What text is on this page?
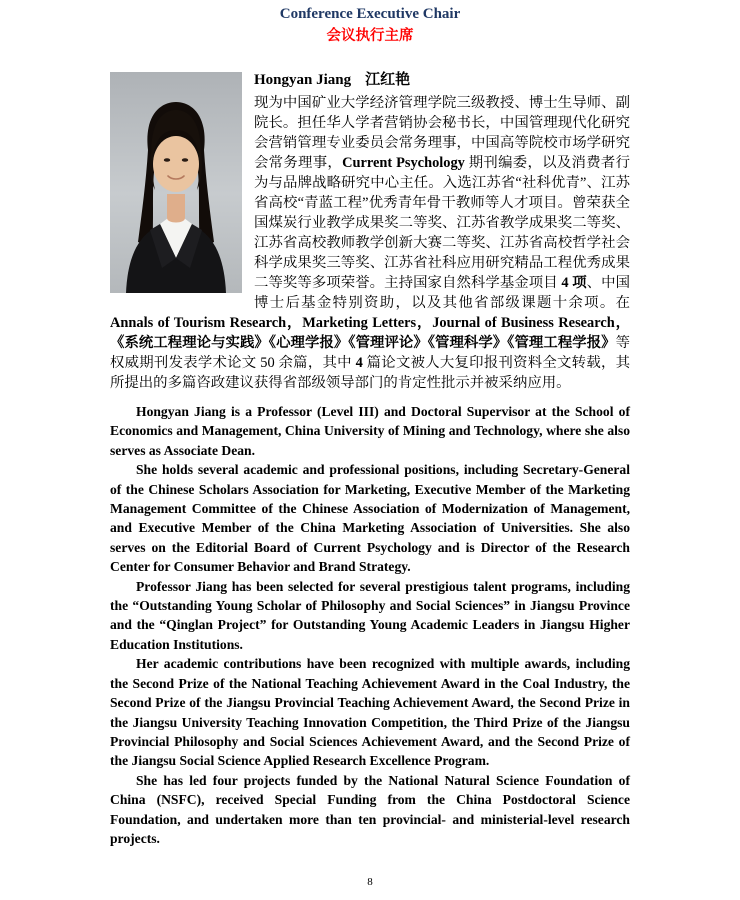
Conference Executive Chair
会议执行主席
Hongyan Jiang 江红艳
现为中国矿业大学经济管理学院三级教授、博士生导师、副院长。担任华人学者营销协会秘书长，中国管理现代化研究会营销管理专业委员会常务理事，中国高等院校市场学研究会常务理事，Current Psychology 期刊编委，以及消费者行为与品牌战略研究中心主任。入选江苏省“社科优青”、江苏省高校“青蓝工程”优秀青年骨干教师等人才项目。曾荣获全国煤炭行业教学成果奖二等奖、江苏省教学成果奖二等奖、江苏省高校教师教学创新大赛二等奖、江苏省高校哲学社会科学成果奖三等奖、江苏省社科应用研究精品工程优秀成果二等奖等多项荣誉。主持国家自然科学基金项目 4 项、中国博士后基金特别资助，以及其他省部级课题十余项。在 Annals of Tourism Research，Marketing Letters，Journal of Business Research，《系统工程理论与实践》《心理学报》《管理评论》《管理科学》《管理工程学报》等权威期刊发表学术论文 50 余篇，其中 4 篇论文被人大复印报刊资料全文转载，其所提出的多篇咨政建议获得省部级领导部门的肯定性批示并被采纳应用。

Hongyan Jiang is a Professor (Level III) and Doctoral Supervisor at the School of Economics and Management, China University of Mining and Technology, where she also serves as Associate Dean.

She holds several academic and professional positions, including Secretary-General of the Chinese Scholars Association for Marketing, Executive Member of the Marketing Management Committee of the Chinese Association of Modernization of Management, and Executive Member of the China Marketing Association of Universities. She also serves on the Editorial Board of Current Psychology and is Director of the Research Center for Consumer Behavior and Brand Strategy.

Professor Jiang has been selected for several prestigious talent programs, including the “Outstanding Young Scholar of Philosophy and Social Sciences” in Jiangsu Province and the “Qinglan Project” for Outstanding Young Academic Leaders in Jiangsu Higher Education Institutions.

Her academic contributions have been recognized with multiple awards, including the Second Prize of the National Teaching Achievement Award in the Coal Industry, the Second Prize of the Jiangsu Provincial Teaching Achievement Award, the Second Prize in the Jiangsu University Teaching Innovation Competition, the Third Prize of the Jiangsu Provincial Philosophy and Social Sciences Achievement Award, and the Second Prize of the Jiangsu Social Science Applied Research Excellence Program.

She has led four projects funded by the National Natural Science Foundation of China (NSFC), received Special Funding from the China Postdoctoral Science Foundation, and undertaken more than ten provincial- and ministerial-level research projects.

8
